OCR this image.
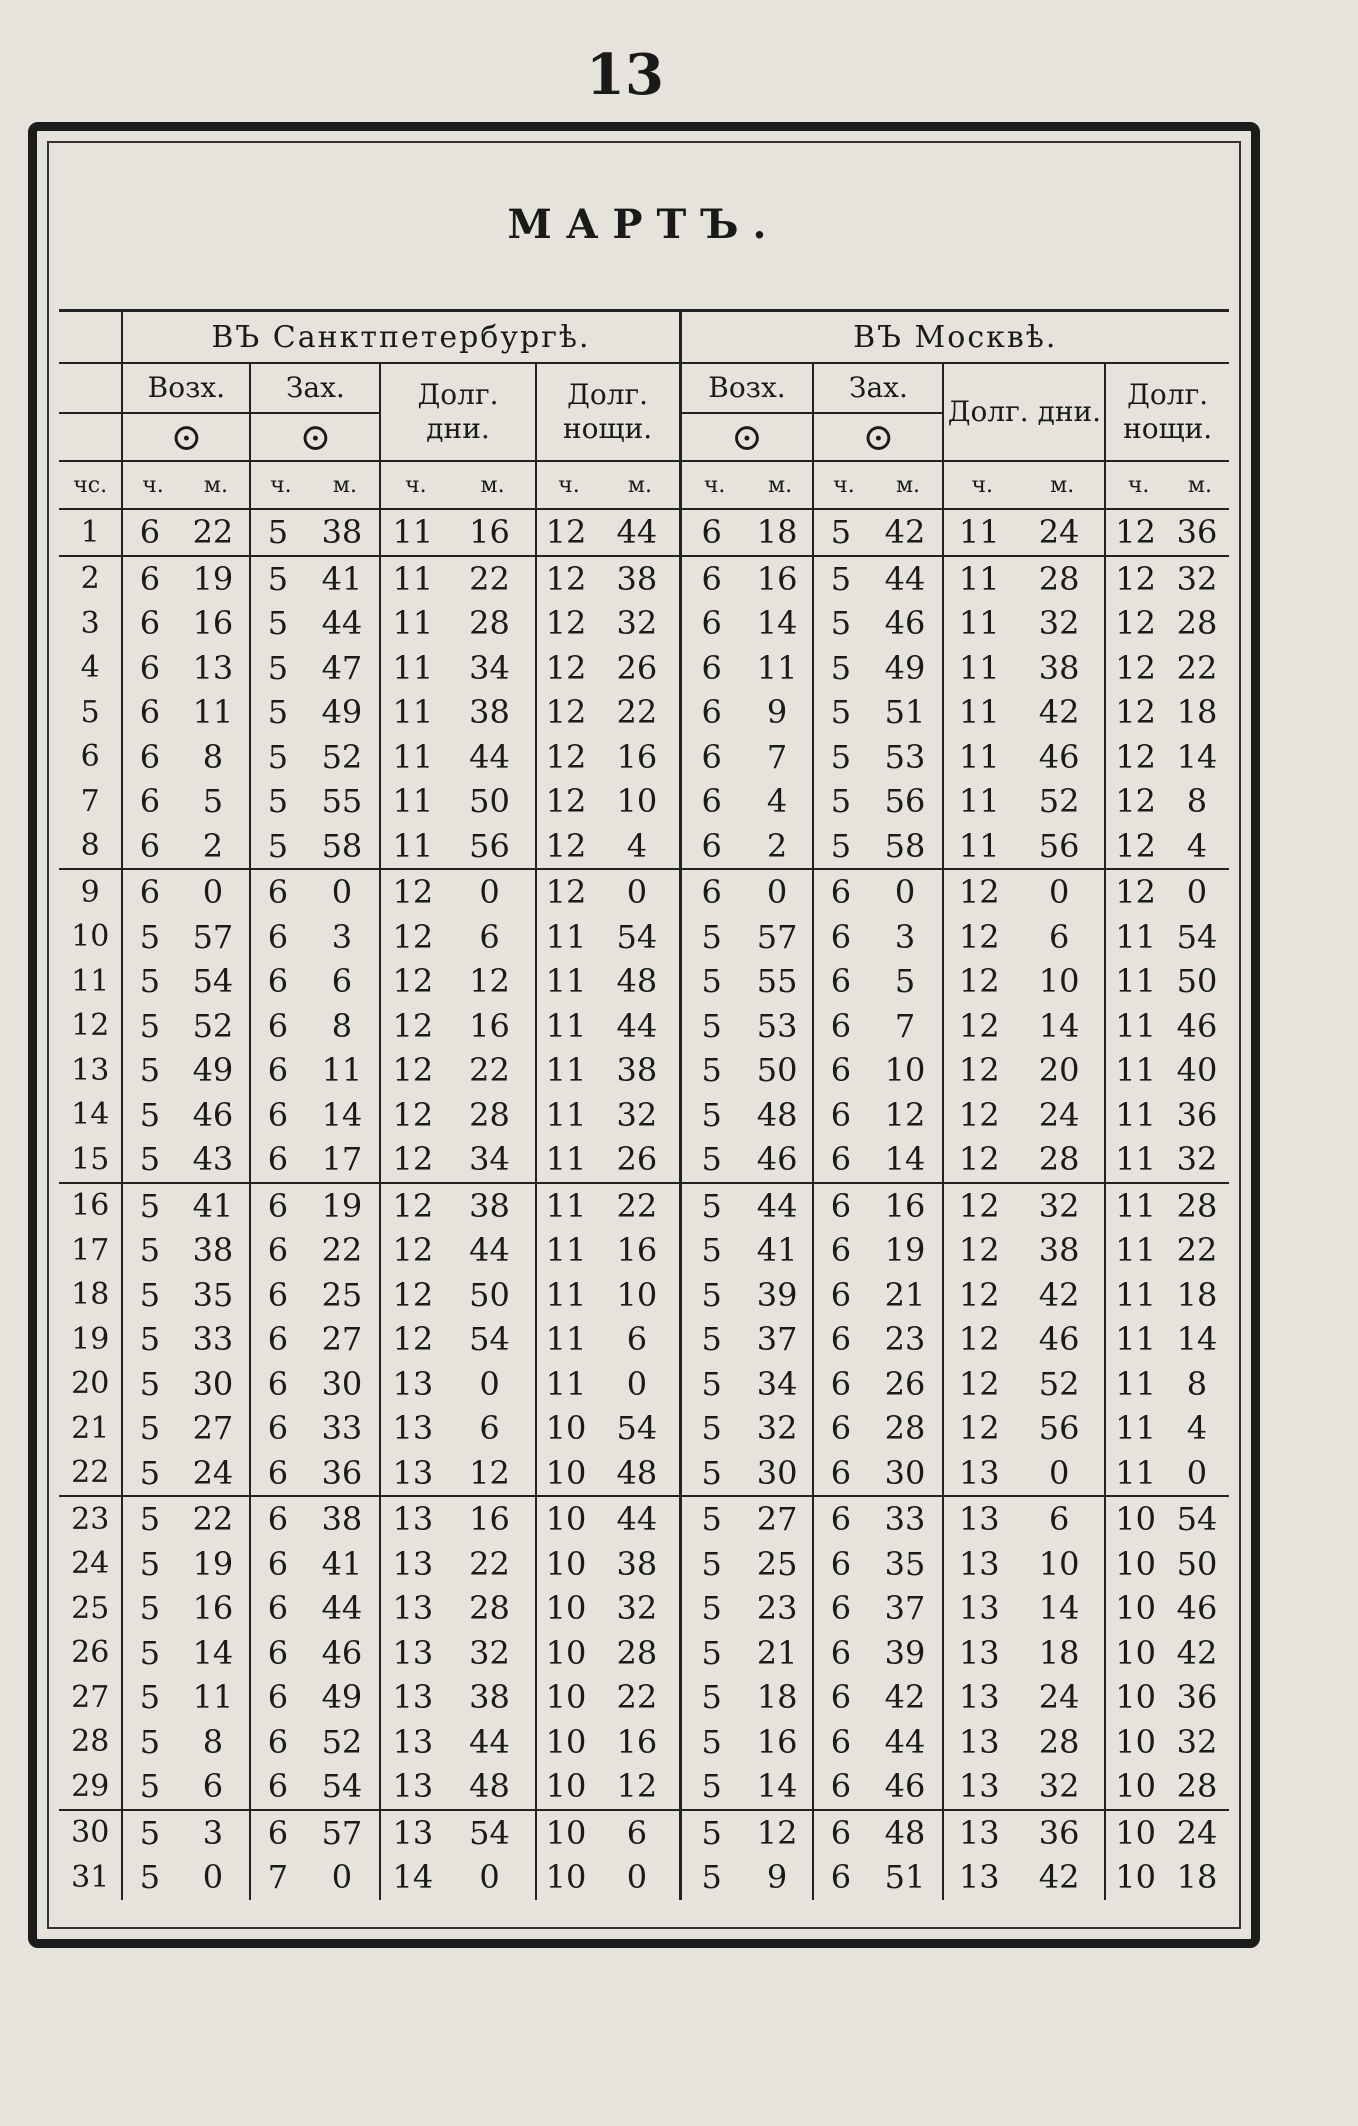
13
МАРТЪ.
	ВЪ Санктпетербургѣ.								ВЪ Москвѣ.							
	Возх.		Зах.		Долг. дни.		Долг. нощи.		Возх.		Зах.		Долг. дни.		Долг. нощи.	
	⊙		⊙						⊙		⊙					
чс.	ч.	м.	ч.	м.	ч.	м.	ч.	м.	ч.	м.	ч.	м.	ч.	м.	ч.	м.
1	6	22	5	38	11	16	12	44	6	18	5	42	11	24	12	36
2	6	19	5	41	11	22	12	38	6	16	5	44	11	28	12	32
3	6	16	5	44	11	28	12	32	6	14	5	46	11	32	12	28
4	6	13	5	47	11	34	12	26	6	11	5	49	11	38	12	22
5	6	11	5	49	11	38	12	22	6	9	5	51	11	42	12	18
6	6	8	5	52	11	44	12	16	6	7	5	53	11	46	12	14
7	6	5	5	55	11	50	12	10	6	4	5	56	11	52	12	8
8	6	2	5	58	11	56	12	4	6	2	5	58	11	56	12	4
9	6	0	6	0	12	0	12	0	6	0	6	0	12	0	12	0
10	5	57	6	3	12	6	11	54	5	57	6	3	12	6	11	54
11	5	54	6	6	12	12	11	48	5	55	6	5	12	10	11	50
12	5	52	6	8	12	16	11	44	5	53	6	7	12	14	11	46
13	5	49	6	11	12	22	11	38	5	50	6	10	12	20	11	40
14	5	46	6	14	12	28	11	32	5	48	6	12	12	24	11	36
15	5	43	6	17	12	34	11	26	5	46	6	14	12	28	11	32
16	5	41	6	19	12	38	11	22	5	44	6	16	12	32	11	28
17	5	38	6	22	12	44	11	16	5	41	6	19	12	38	11	22
18	5	35	6	25	12	50	11	10	5	39	6	21	12	42	11	18
19	5	33	6	27	12	54	11	6	5	37	6	23	12	46	11	14
20	5	30	6	30	13	0	11	0	5	34	6	26	12	52	11	8
21	5	27	6	33	13	6	10	54	5	32	6	28	12	56	11	4
22	5	24	6	36	13	12	10	48	5	30	6	30	13	0	11	0
23	5	22	6	38	13	16	10	44	5	27	6	33	13	6	10	54
24	5	19	6	41	13	22	10	38	5	25	6	35	13	10	10	50
25	5	16	6	44	13	28	10	32	5	23	6	37	13	14	10	46
26	5	14	6	46	13	32	10	28	5	21	6	39	13	18	10	42
27	5	11	6	49	13	38	10	22	5	18	6	42	13	24	10	36
28	5	8	6	52	13	44	10	16	5	16	6	44	13	28	10	32
29	5	6	6	54	13	48	10	12	5	14	6	46	13	32	10	28
30	5	3	6	57	13	54	10	6	5	12	6	48	13	36	10	24
31	5	0	7	0	14	0	10	0	5	9	6	51	13	42	10	18
